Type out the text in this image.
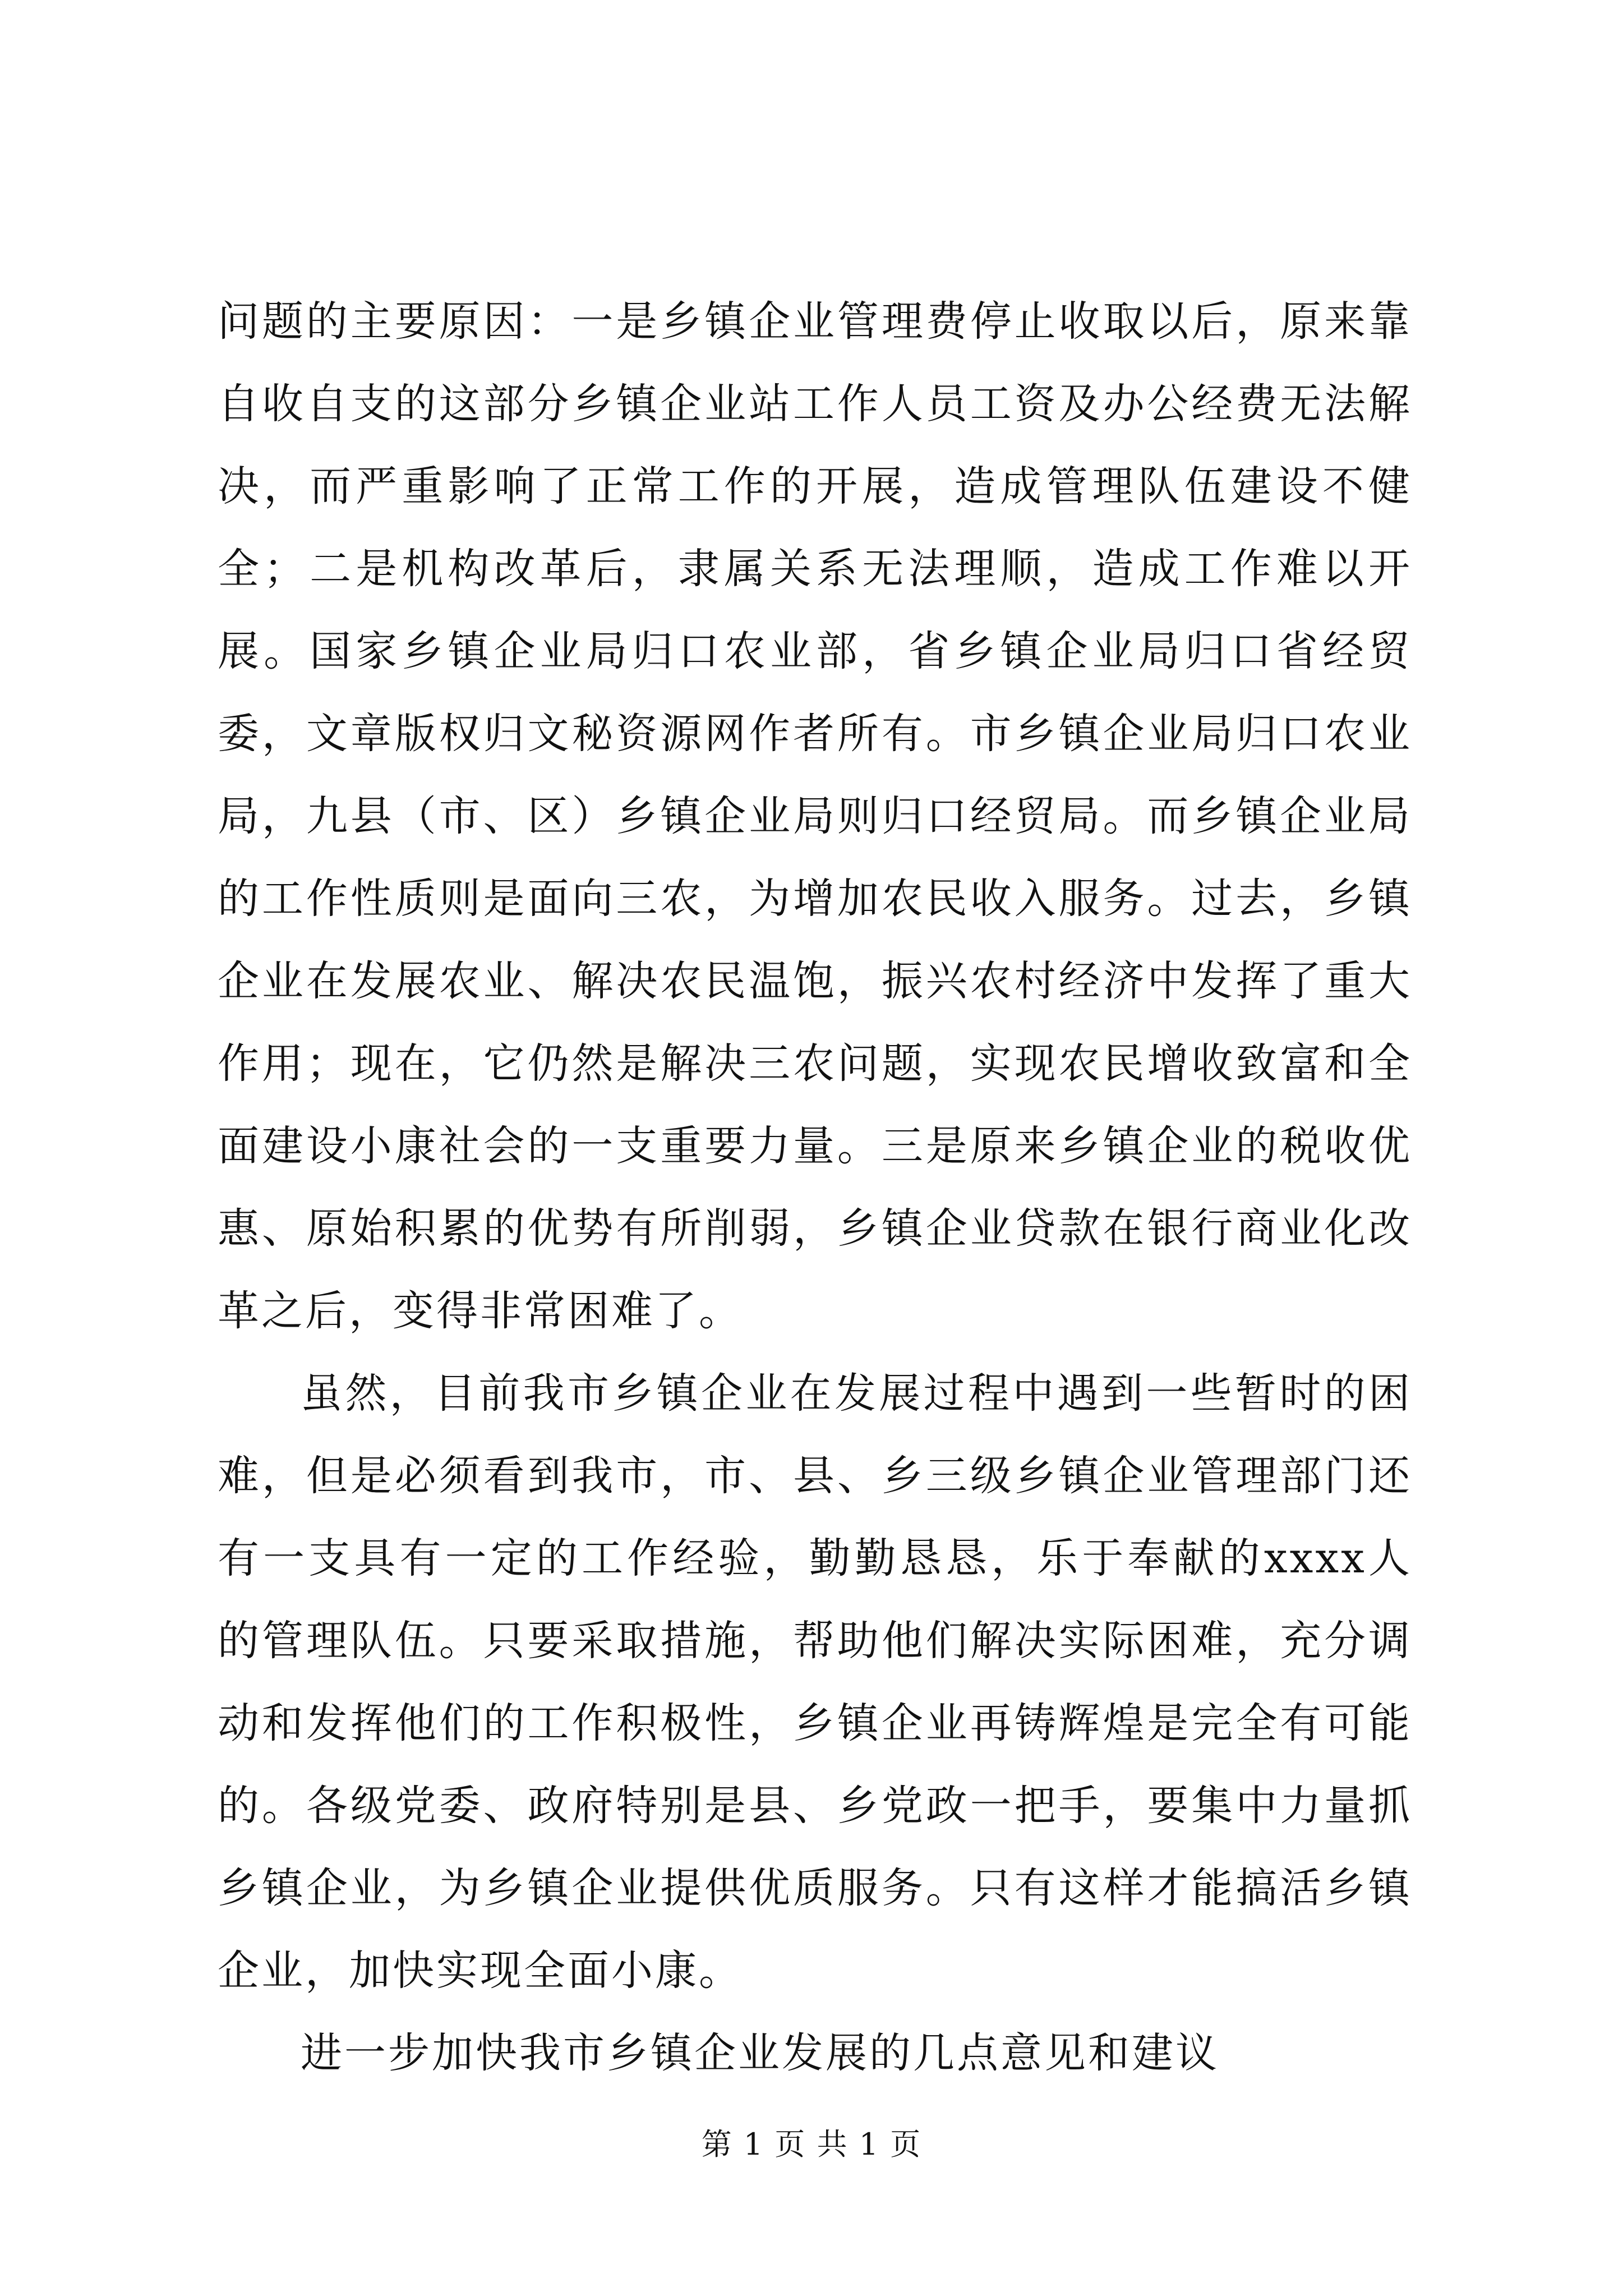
问题的主要原因：一是乡镇企业管理费停止收取以后，原来靠自收自支的这部分乡镇企业站工作人员工资及办公经费无法解决，而严重影响了正常工作的开展，造成管理队伍建设不健全；二是机构改革后，隶属关系无法理顺，造成工作难以开展。国家乡镇企业局归口农业部，省乡镇企业局归口省经贸委，文章版权归文秘资源网作者所有。市乡镇企业局归口农业局，九县（市、区）乡镇企业局则归口经贸局。而乡镇企业局的工作性质则是面向三农，为增加农民收入服务。过去，乡镇企业在发展农业、解决农民温饱，振兴农村经济中发挥了重大作用；现在，它仍然是解决三农问题，实现农民增收致富和全面建设小康社会的一支重要力量。三是原来乡镇企业的税收优惠、原始积累的优势有所削弱，乡镇企业贷款在银行商业化改革之后，变得非常困难了。

虽然，目前我市乡镇企业在发展过程中遇到一些暂时的困难，但是必须看到我市，市、县、乡三级乡镇企业管理部门还有一支具有一定的工作经验，勤勤恳恳，乐于奉献的xxxx人的管理队伍。只要采取措施，帮助他们解决实际困难，充分调动和发挥他们的工作积极性，乡镇企业再铸辉煌是完全有可能的。各级党委、政府特别是县、乡党政一把手，要集中力量抓乡镇企业，为乡镇企业提供优质服务。只有这样才能搞活乡镇企业，加快实现全面小康。

进一步加快我市乡镇企业发展的几点意见和建议

第 1 页 共 1 页
